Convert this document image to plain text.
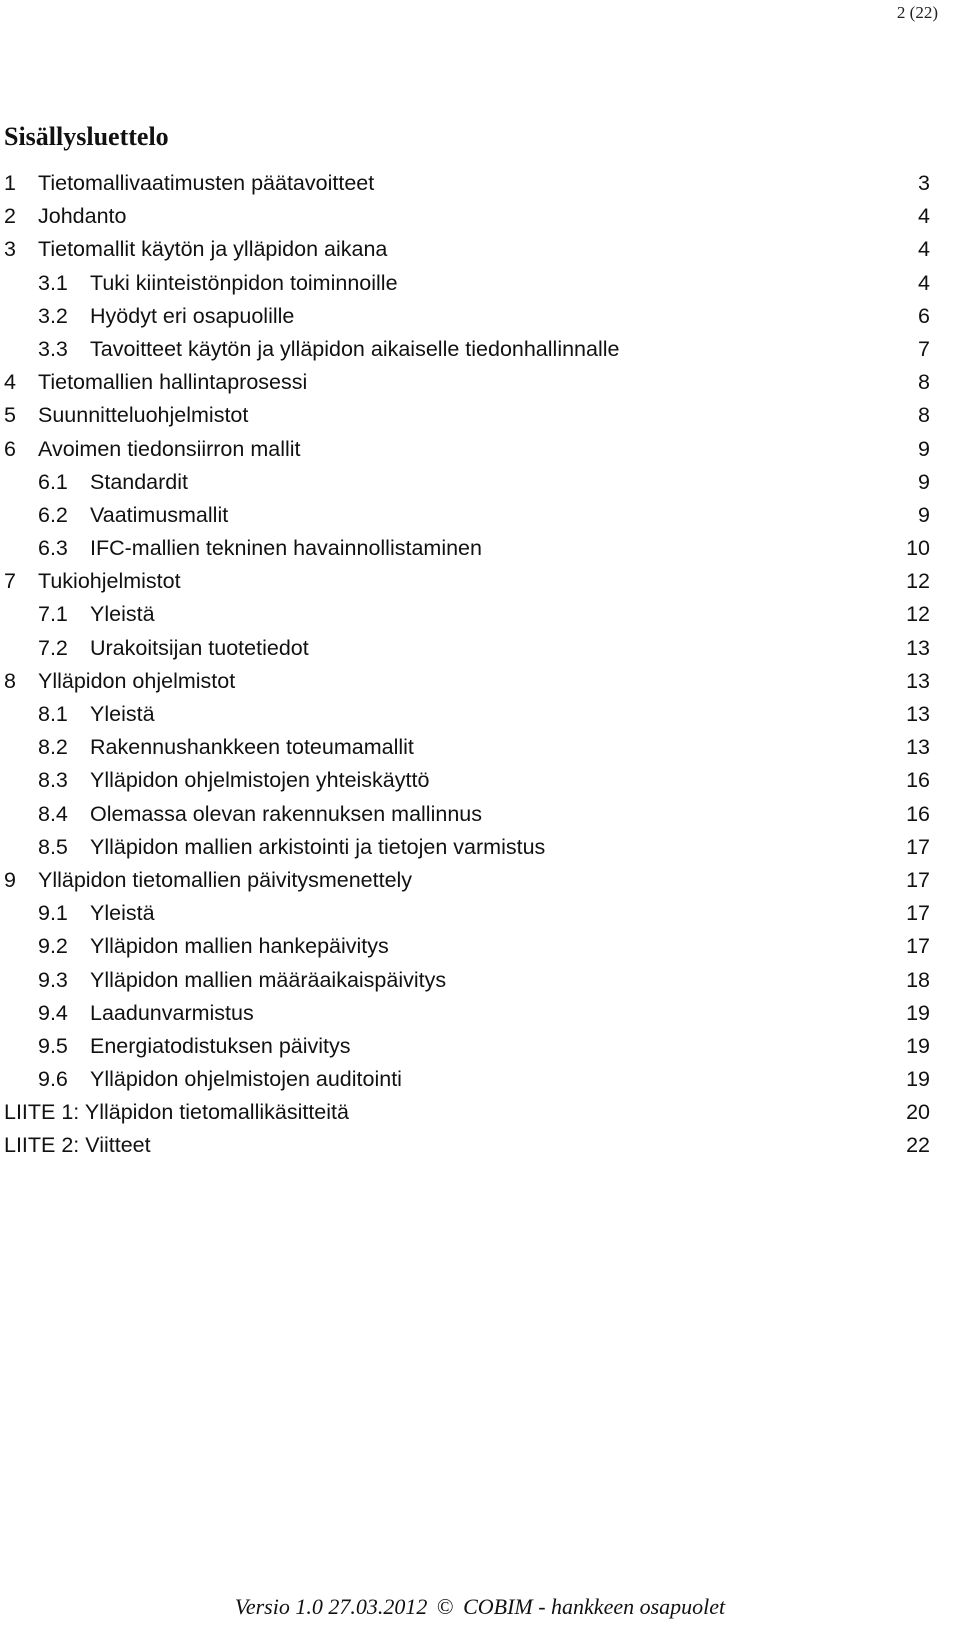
2 (22)
Sisällysluettelo
1 Tietomallivaatimusten päätavoitteet	3
2 Johdanto	4
3 Tietomallit käytön ja ylläpidon aikana	4
3.1 Tuki kiinteistönpidon toiminnoille	4
3.2 Hyödyt eri osapuolille	6
3.3 Tavoitteet käytön ja ylläpidon aikaiselle tiedonhallinnalle	7
4 Tietomallien hallintaprosessi	8
5 Suunnitteluohjelmistot	8
6 Avoimen tiedonsiirron mallit	9
6.1 Standardit	9
6.2 Vaatimusmallit	9
6.3 IFC-mallien tekninen havainnollistaminen	10
7 Tukiohjelmistot	12
7.1 Yleistä	12
7.2 Urakoitsijan tuotetiedot	13
8 Ylläpidon ohjelmistot	13
8.1 Yleistä	13
8.2 Rakennushankkeen toteumamallit	13
8.3 Ylläpidon ohjelmistojen yhteiskäyttö	16
8.4 Olemassa olevan rakennuksen mallinnus	16
8.5 Ylläpidon mallien arkistointi ja tietojen varmistus	17
9 Ylläpidon tietomallien päivitysmenettely	17
9.1 Yleistä	17
9.2 Ylläpidon mallien hankepäivitys	17
9.3 Ylläpidon mallien määräaikaispäivitys	18
9.4 Laadunvarmistus	19
9.5 Energiatodistuksen päivitys	19
9.6 Ylläpidon ohjelmistojen auditointi	19
LIITE 1: Ylläpidon tietomallikäsitteitä	20
LIITE 2: Viitteet	22
Versio 1.0 27.03.2012 © COBIM - hankkeen osapuolet
